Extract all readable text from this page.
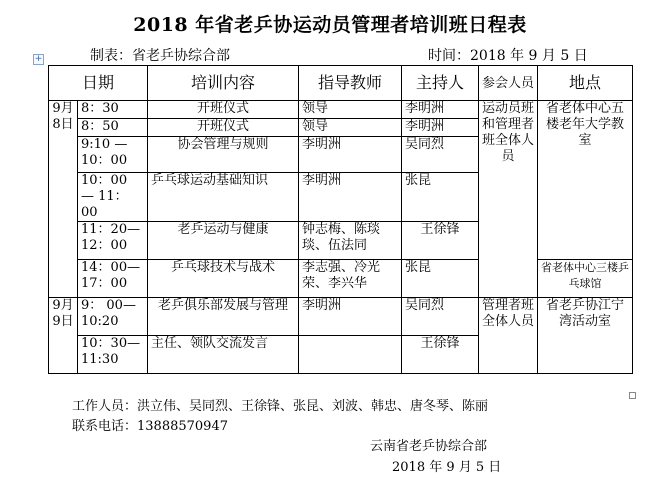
2018 年省老乒协运动员管理者培训班日程表
+	制表：省老乒协综合部	时间：2018 年 9 月 5 日
日期		培训内容	指导教师	主持人	参会人员	地点
9月8日	8：30	开班仪式	领导	李明洲	运动员班和管理者班全体人员	省老体中心五楼老年大学教室
	8：50	开班仪式	领导	李明洲		
	9:10 — 10：00	协会管理与规则	李明洲	吴同烈		
	10：00 — 11：00	乒乓球运动基础知识	李明洲	张昆		
	11：20— 12：00	老乒运动与健康	钟志梅、陈琰琰、伍法同	王徐锋		
	14：00— 17：00	乒乓球技术与战术	李志强、冷光荣、李兴华	张昆		省老体中心三楼乒乓球馆
9月9日	9： 00— 10:20	老乒俱乐部发展与管理	李明洲	吴同烈	管理者班全体人员	省老乒协江宁湾活动室
	10：30— 11:30	主任、领队交流发言		王徐锋		
工作人员：洪立伟、吴同烈、王徐锋、张昆、刘波、韩忠、唐冬琴、陈丽
联系电话：13888570947
云南省老乒协综合部
2018 年 9 月 5 日
